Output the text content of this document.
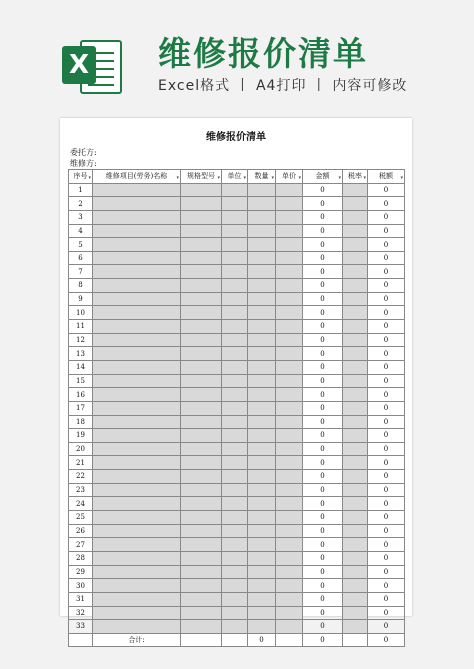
X 维修报价清单
Excel格式 丨 A4打印 丨 内容可修改
维修报价清单
委托方:
维修方:
序号 ▾	维修项目(劳务)名称 ▾	规格型号 ▾	单位 ▾	数量 ▾	单价 ▾	金额 ▾	税率 ▾	税额 ▾

1						0		0
2						0		0
3						0		0
4						0		0
5						0		0
6						0		0
7						0		0
8						0		0
9						0		0
10						0		0
11						0		0
12						0		0
13						0		0
14						0		0
15						0		0
16						0		0
17						0		0
18						0		0
19						0		0
20						0		0
21						0		0
22						0		0
23						0		0
24						0		0
25						0		0
26						0		0
27						0		0
28						0		0
29						0		0
30						0		0
31						0		0
32						0		0
33						0		0
	合计:			0		0		0
